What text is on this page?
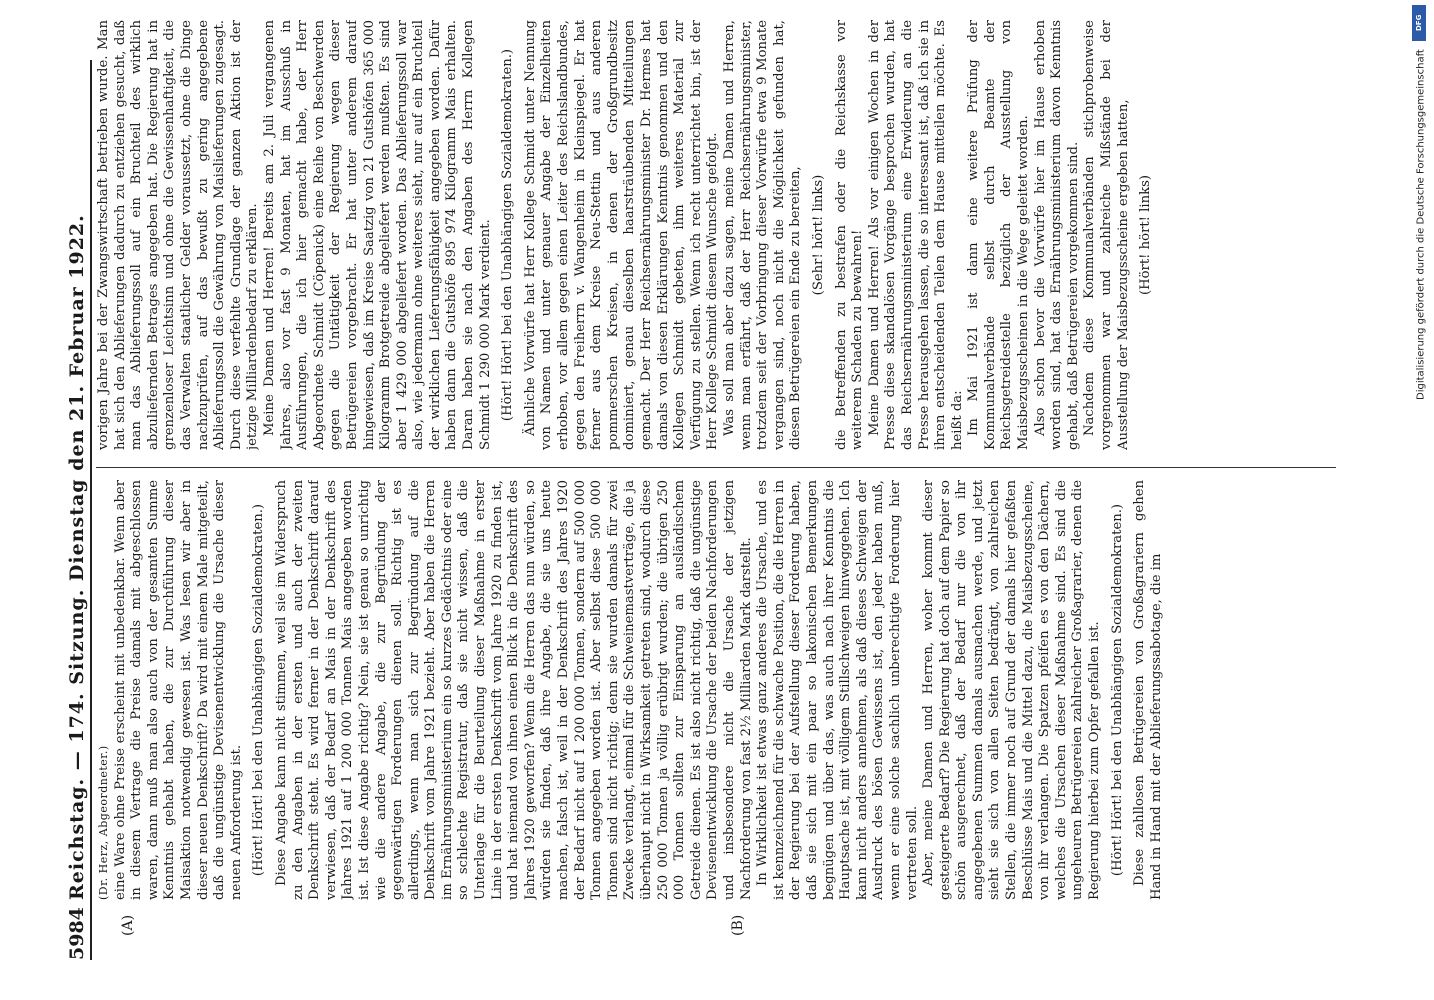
5984
Reichstag. — 174. Sitzung. Dienstag den 21. Februar 1922.
(A)	(B)

(Dr. Herz, Abgeordneter.) eine Ware ohne Preise erscheint mit unbedenkbar. Wenn aber in diesem Vertrage die Preise damals mit abgeschlossen waren, dann muß man also auch von der gesamten Summe Kenntnis gehabt haben, die zur Durchführung dieser Maisaktion notwendig gewesen ist. Was lesen wir aber in dieser neuen Denkschrift? Da wird mit einem Male mitgeteilt, daß die ungünstige Devisenentwicklung die Ursache dieser neuen Anforderung ist. (Hört! Hört! bei den Unabhängigen Sozialdemokraten.) Diese Angabe kann nicht stimmen, weil sie im Widerspruch zu den Angaben in der ersten und auch der zweiten Denkschrift steht. Es wird ferner in der Denkschrift darauf verwiesen, daß der Bedarf an Mais in der Denkschrift des Jahres 1921 auf 1 200 000 Tonnen Mais angegeben worden ist. Ist diese Angabe richtig? Nein, sie ist genau so unrichtig wie die andere Angabe, die zur Begründung der gegenwärtigen Forderungen dienen soll. Richtig ist es allerdings, wenn man sich zur Begründung auf die Denkschrift vom Jahre 1921 bezieht. Aber haben die Herren im Ernährungsministerium ein so kurzes Gedächtnis oder eine so schlechte Registratur, daß sie nicht wissen, daß die Unterlage für die Beurteilung dieser Maßnahme in erster Linie in der ersten Denkschrift vom Jahre 1920 zu finden ist, und hat niemand von ihnen einen Blick in die Denkschrift des Jahres 1920 geworfen? Wenn die Herren das nun würden, so würden sie finden, daß ihre Angabe, die sie uns heute machen, falsch ist, weil in der Denkschrift des Jahres 1920 der Bedarf nicht auf 1 200 000 Tonnen, sondern auf 500 000 Tonnen angegeben worden ist. Aber selbst diese 500 000 Tonnen sind nicht richtig; denn sie wurden damals für zwei Zwecke verlangt, einmal für die Schweinemastverträge, die ja überhaupt nicht in Wirksamkeit getreten sind, wodurch diese 250 000 Tonnen ja völlig erübrigt wurden; die übrigen 250 000 Tonnen sollten zur Einsparung an ausländischem Getreide dienen. Es ist also nicht richtig, daß die ungünstige Devisenentwicklung die Ursache der beiden Nachforderungen und insbesondere nicht die Ursache der jetzigen Nachforderung von fast 2½ Milliarden Mark darstellt. In Wirklichkeit ist etwas ganz anderes die Ursache, und es ist kennzeichnend für die schwache Position, die die Herren in der Regierung bei der Aufstellung dieser Forderung haben, daß sie sich mit ein paar so lakonischen Bemerkungen begnügen und über das, was auch nach ihrer Kenntnis die Hauptsache ist, mit völligem Stillschweigen hinweggehen. Ich kann nicht anders annehmen, als daß dieses Schweigen der Ausdruck des bösen Gewissens ist, den jeder haben muß, wenn er eine solche sachlich unberechtigte Forderung hier vertreten soll. Aber, meine Damen und Herren, woher kommt dieser gesteigerte Bedarf? Die Regierung hat doch auf dem Papier so schön ausgerechnet, daß der Bedarf nur die von ihr angegebenen Summen damals ausmachen werde, und jetzt sieht sie sich von allen Seiten bedrängt, von zahlreichen Stellen, die immer noch auf Grund der damals hier gefaßten Beschlüsse Mais und die Mittel dazu, die Maisbezugsscheine, von ihr verlangen. Die Spatzen pfeifen es von den Dächern, welches die Ursachen dieser Maßnahme sind. Es sind die ungeheuren Betrügereien zahlreicher Großagrarier, denen die Regierung hierbei zum Opfer gefallen ist. (Hört! Hört! bei den Unabhängigen Sozialdemokraten.) Diese zahllosen Betrügereien von Großagrariern gehen Hand in Hand mit der Ablieferungssabotage, die im

vorigen Jahre bei der Zwangswirtschaft betrieben wurde. Man hat sich den Ablieferungen dadurch zu entziehen gesucht, daß man das Ablieferungssoll auf ein Bruchteil des wirklich abzuliefernden Betrages angegeben hat. Die Regierung hat in grenzenloser Leichtsinn und ohne die Gewissenhaftigkeit, die das Verwalten staatlicher Gelder voraussetzt, ohne die Dinge nachzuprüfen, auf das bewußt zu gering angegebene Ablieferungssoll die Gewährung von Maislieferungen zugesagt. Durch diese verfehlte Grundlage der ganzen Aktion ist der jetzige Milliardenbedarf zu erklären. Meine Damen und Herren! Bereits am 2. Juli vergangenen Jahres, also vor fast 9 Monaten, hat im Ausschuß in Ausführungen, die ich hier gemacht habe, der Herr Abgeordnete Schmidt (Cöpenick) eine Reihe von Beschwerden gegen die Untätigkeit der Regierung wegen dieser Betrügereien vorgebracht. Er hat unter anderem darauf hingewiesen, daß im Kreise Saatzig von 21 Gutshöfen 365 000 Kilogramm Brotgetreide abgeliefert werden mußten. Es sind aber 1 429 000 abgeliefert worden. Das Ablieferungssoll war also, wie jedermann ohne weiteres sieht, nur auf ein Bruchteil der wirklichen Lieferungsfähigkeit angegeben worden. Dafür haben dann die Gutshöfe 895 974 Kilogramm Mais erhalten. Daran haben sie nach den Angaben des Herrn Kollegen Schmidt 1 290 000 Mark verdient. (Hört! Hört! bei den Unabhängigen Sozialdemokraten.) Ähnliche Vorwürfe hat Herr Kollege Schmidt unter Nennung von Namen und unter genauer Angabe der Einzelheiten erhoben, vor allem gegen einen Leiter des Reichslandbundes, gegen den Freiherrn v. Wangenheim in Kleinspiegel. Er hat ferner aus dem Kreise Neu-Stettin und aus anderen pommerschen Kreisen, in denen der Großgrundbesitz dominiert, genau dieselben haarsträubenden Mitteilungen gemacht. Der Herr Reichsernährungsminister Dr. Hermes hat damals von diesen Erklärungen Kenntnis genommen und den Kollegen Schmidt gebeten, ihm weiteres Material zur Verfügung zu stellen. Wenn ich recht unterrichtet bin, ist der Herr Kollege Schmidt diesem Wunsche gefolgt. Was soll man aber dazu sagen, meine Damen und Herren, wenn man erfährt, daß der Herr Reichsernährungsminister, trotzdem seit der Vorbringung dieser Vorwürfe etwa 9 Monate vergangen sind, noch nicht die Möglichkeit gefunden hat, diesen Betrügereien ein Ende zu bereiten, (Sehr! hört! links) die Betreffenden zu bestrafen oder die Reichskasse vor weiterem Schaden zu bewahren! Meine Damen und Herren! Als vor einigen Wochen in der Presse diese skandalösen Vorgänge besprochen wurden, hat das Reichsernährungsministerium eine Erwiderung an die Presse herausgehen lassen, die so interessant ist, daß ich sie in ihren entscheidenden Teilen dem Hause mitteilen möchte. Es heißt da: Im Mai 1921 ist dann eine weitere Prüfung der Kommunalverbände selbst durch Beamte der Reichsgetreidestelle bezüglich der Ausstellung von Maisbezugsscheinen in die Wege geleitet worden. Also schon bevor die Vorwürfe hier im Hause erhoben worden sind, hat das Ernährungsministerium davon Kenntnis gehabt, daß Betrügereien vorgekommen sind. Nachdem diese Kommunalverbänden stichprobenweise vorgenommen war und zahlreiche Mißstände bei der Ausstellung der Maisbezugsscheine ergeben hatten, (Hört! hört! links)

DFG
Digitalisierung gefördert durch die Deutsche Forschungsgemeinschaft
